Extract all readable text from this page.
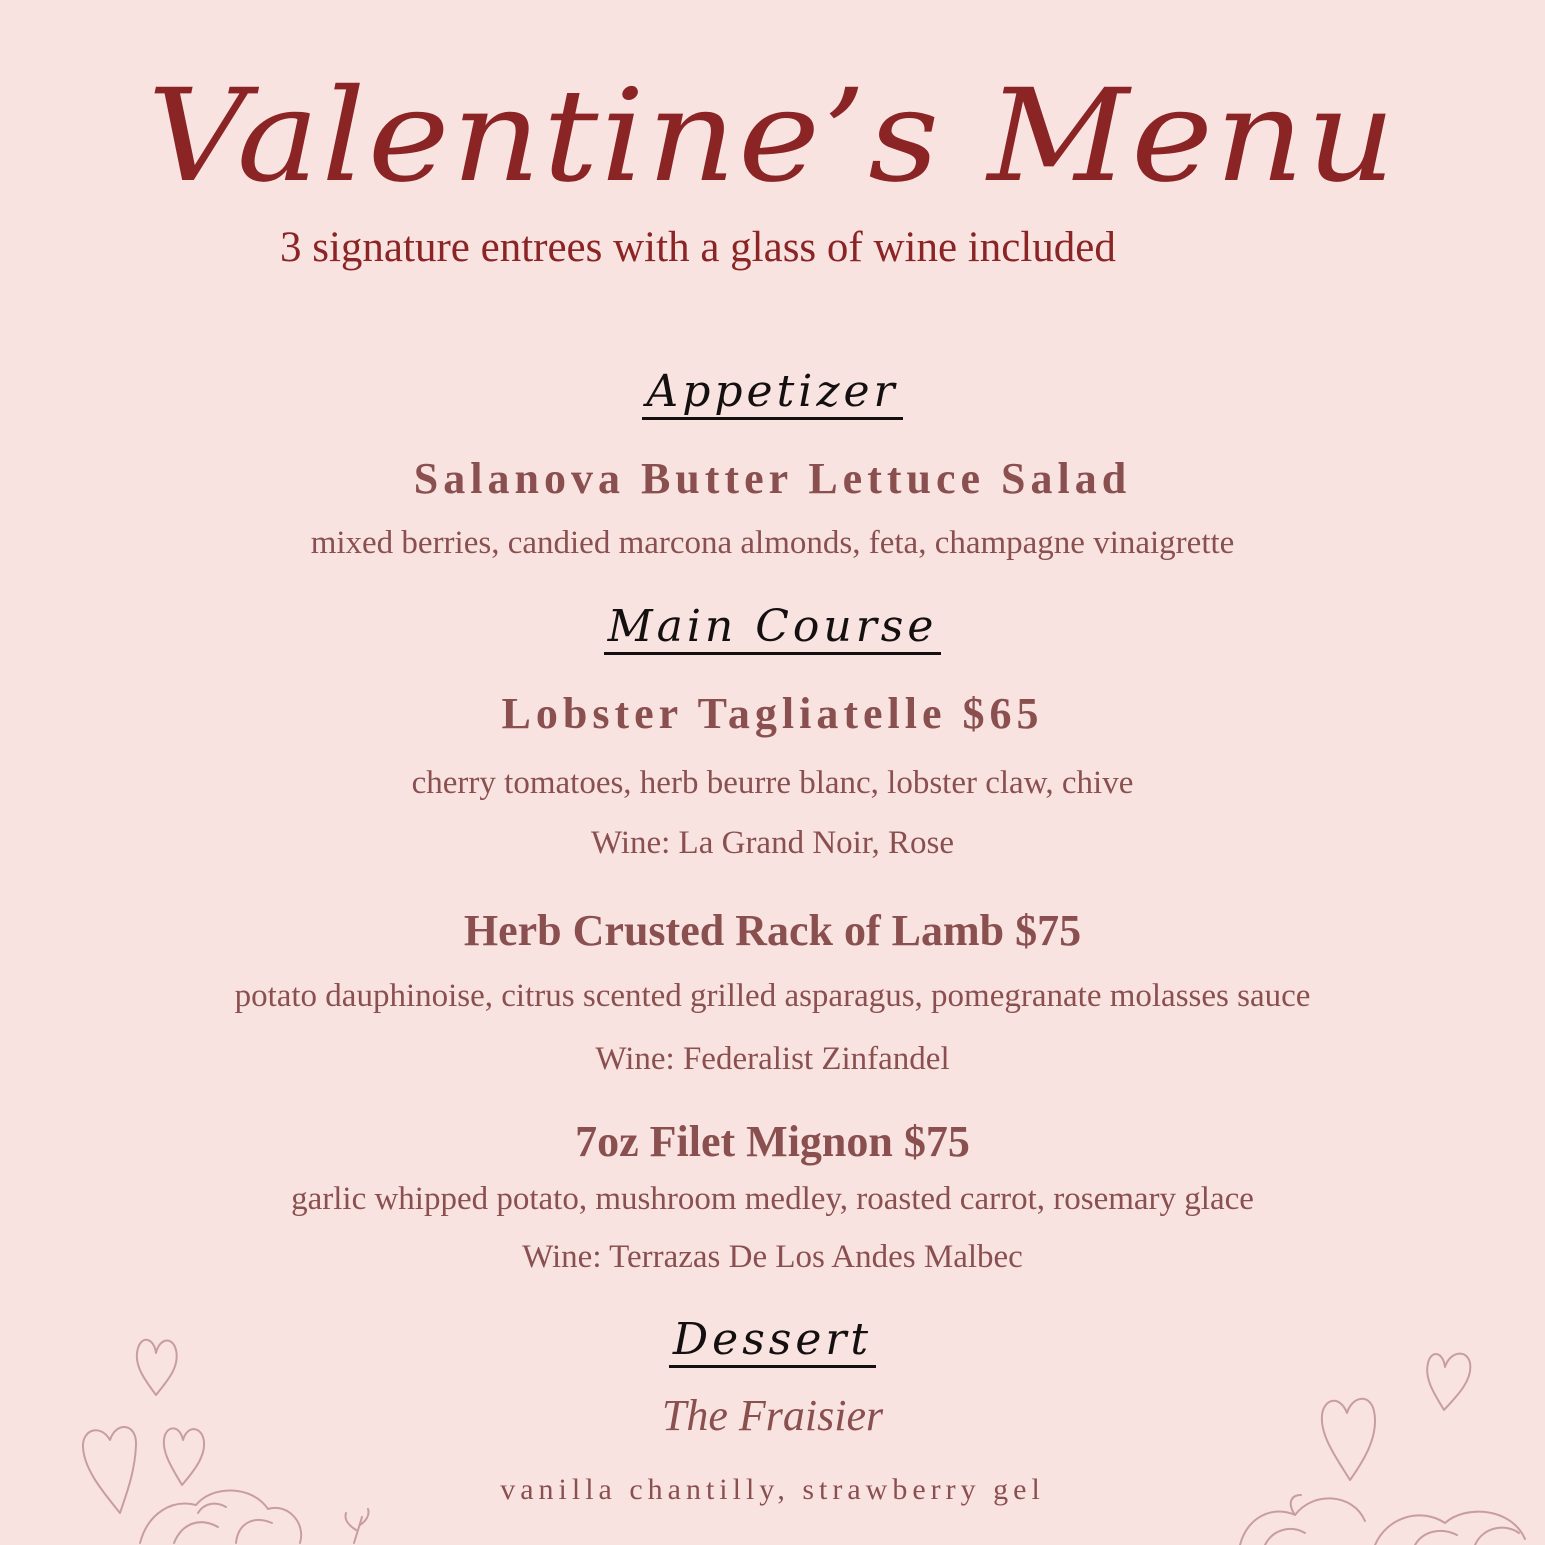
Valentine’s Menu
3 signature entrees with a glass of wine included
Appetizer
Salanova Butter Lettuce Salad
mixed berries, candied marcona almonds, feta, champagne vinaigrette
Main Course
Lobster Tagliatelle $65
cherry tomatoes, herb beurre blanc, lobster claw, chive
Wine: La Grand Noir, Rose
Herb Crusted Rack of Lamb $75
potato dauphinoise, citrus scented grilled asparagus, pomegranate molasses sauce
Wine: Federalist Zinfandel
7oz Filet Mignon $75
garlic whipped potato, mushroom medley, roasted carrot, rosemary glace
Wine: Terrazas De Los Andes Malbec
Dessert
The Fraisier
vanilla chantilly, strawberry gel
